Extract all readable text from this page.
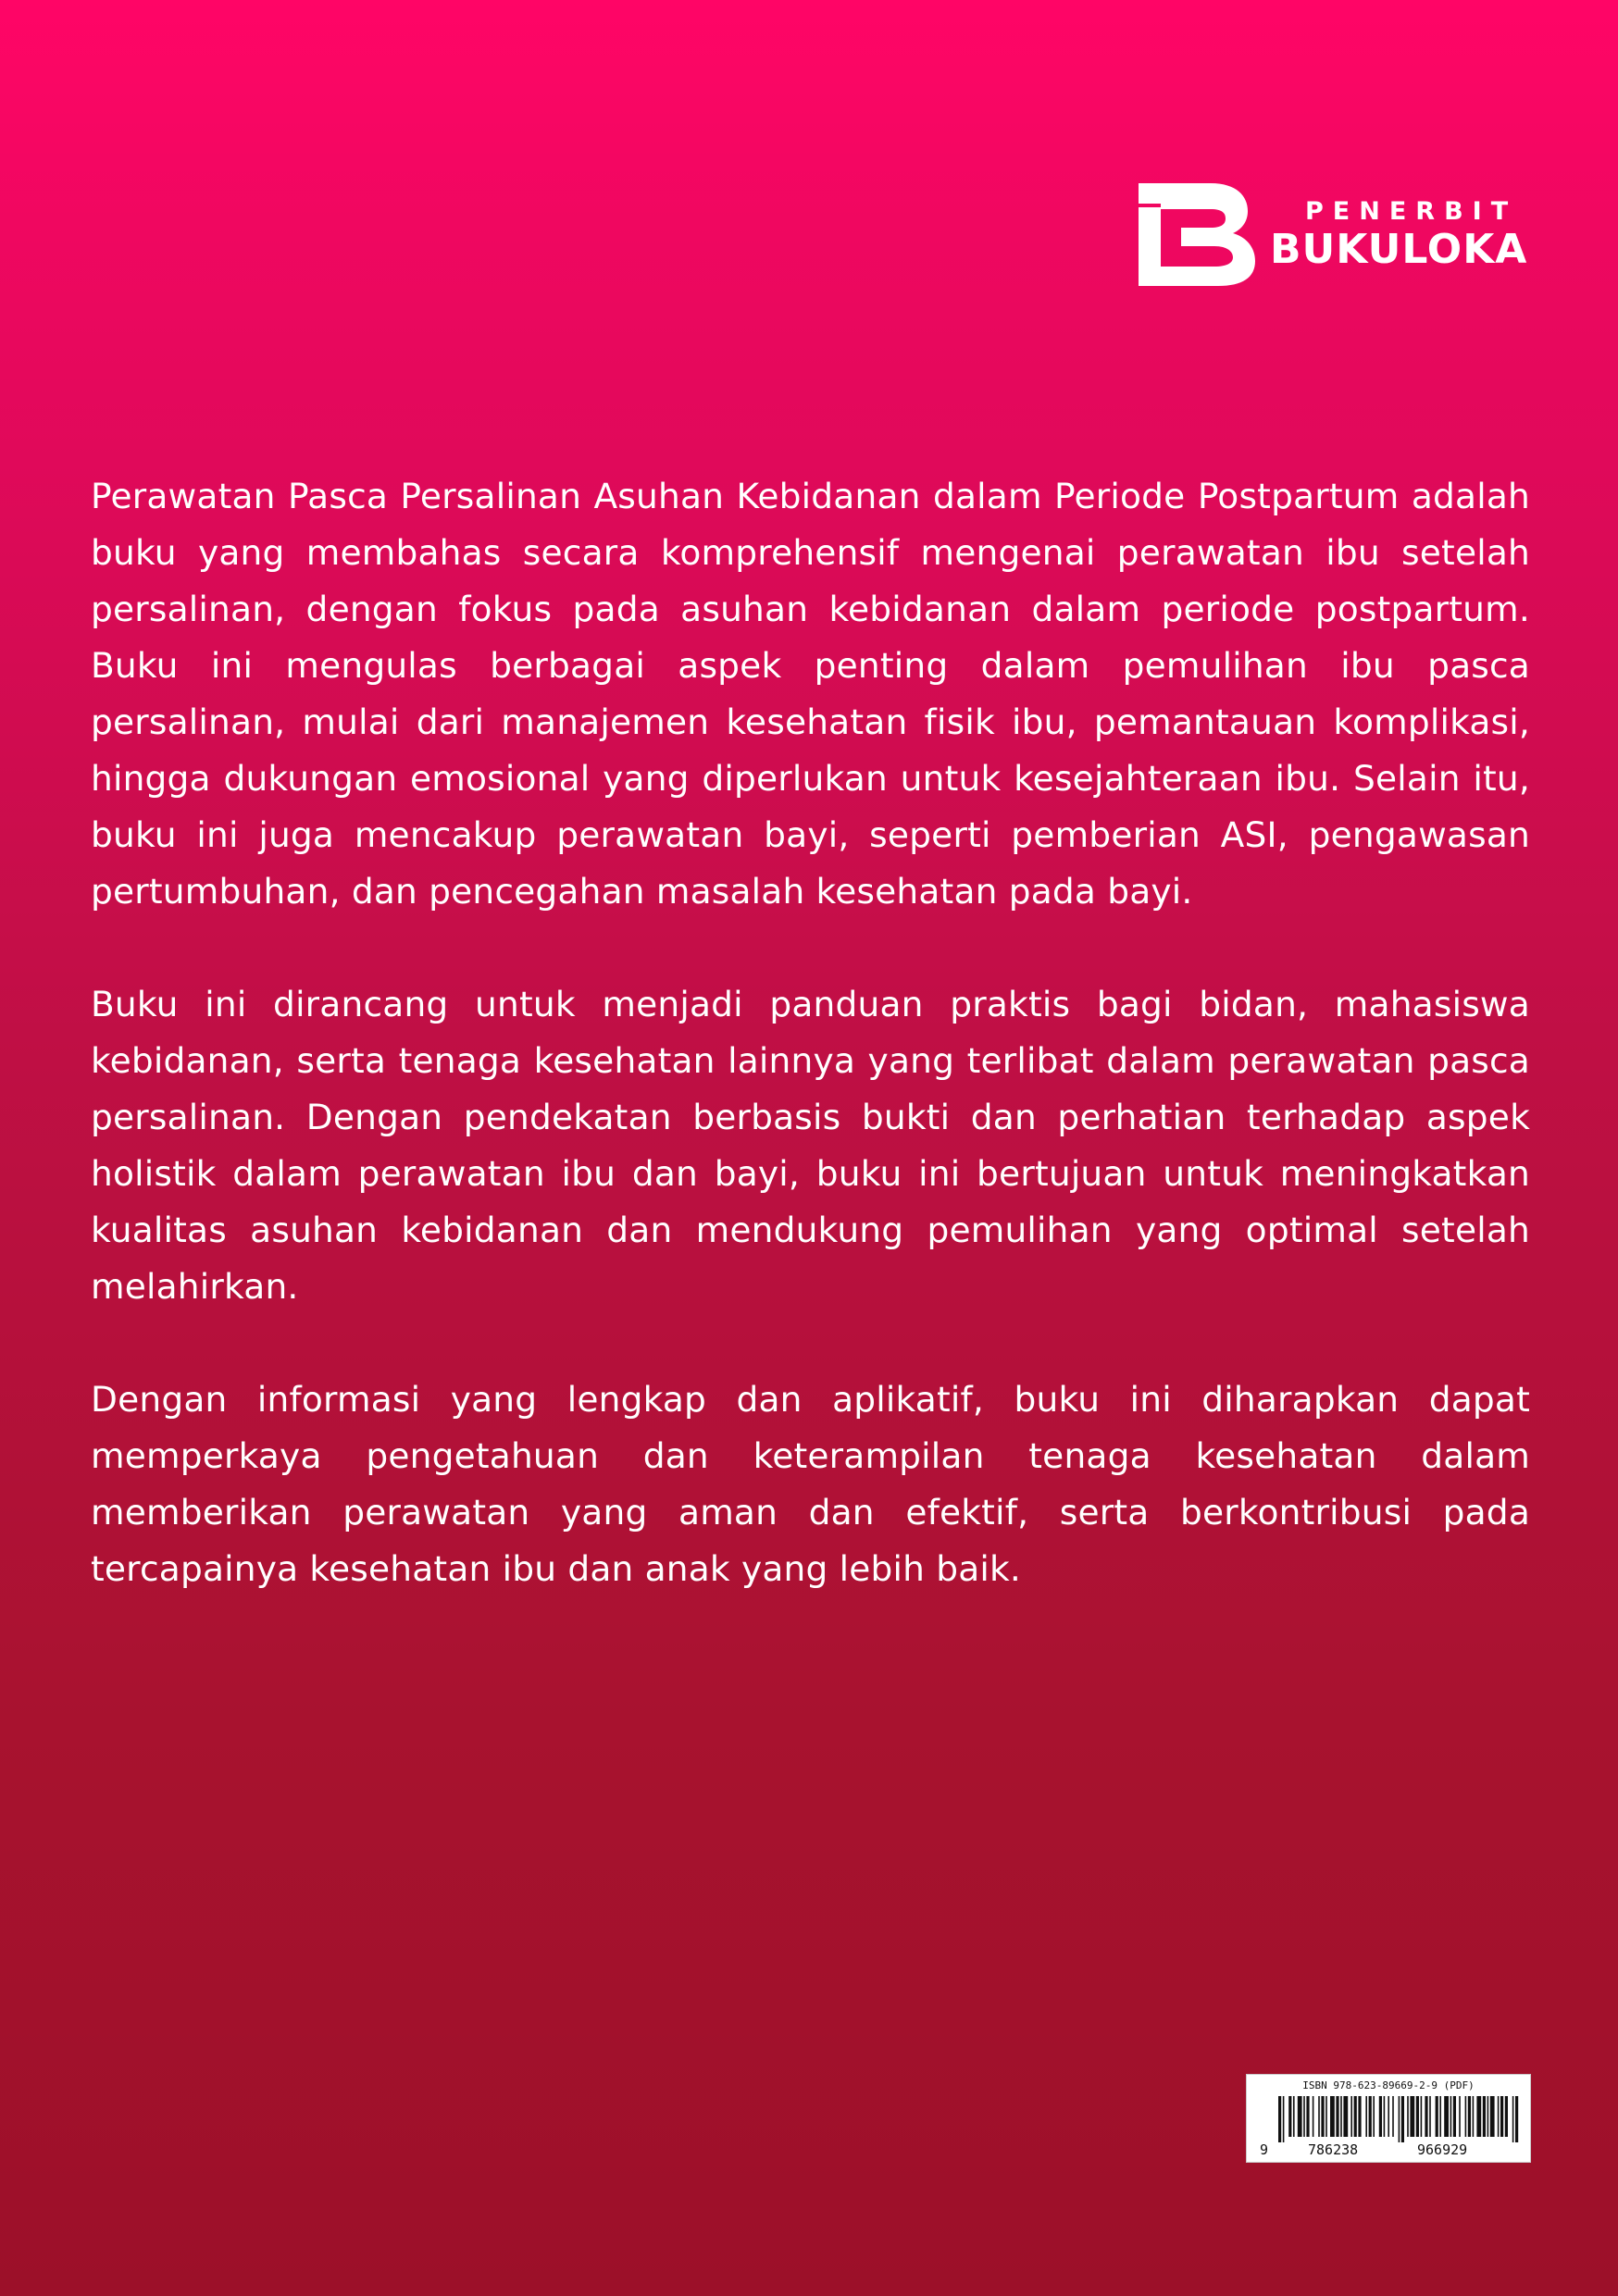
PENERBIT
BUKULOKA

Perawatan Pasca Persalinan Asuhan Kebidanan dalam Periode Postpartum adalah buku yang membahas secara komprehensif mengenai perawatan ibu setelah persalinan, dengan fokus pada asuhan kebidanan dalam periode postpartum. Buku ini mengulas berbagai aspek penting dalam pemulihan ibu pasca persalinan, mulai dari manajemen kesehatan fisik ibu, pemantauan komplikasi, hingga dukungan emosional yang diperlukan untuk kesejahteraan ibu. Selain itu, buku ini juga mencakup perawatan bayi, seperti pemberian ASI, pengawasan pertumbuhan, dan pencegahan masalah kesehatan pada bayi.

Buku ini dirancang untuk menjadi panduan praktis bagi bidan, mahasiswa kebidanan, serta tenaga kesehatan lainnya yang terlibat dalam perawatan pasca persalinan. Dengan pendekatan berbasis bukti dan perhatian terhadap aspek holistik dalam perawatan ibu dan bayi, buku ini bertujuan untuk meningkatkan kualitas asuhan kebidanan dan mendukung pemulihan yang optimal setelah melahirkan.

Dengan informasi yang lengkap dan aplikatif, buku ini diharapkan dapat memperkaya pengetahuan dan keterampilan tenaga kesehatan dalam memberikan perawatan yang aman dan efektif, serta berkontribusi pada tercapainya kesehatan ibu dan anak yang lebih baik.

ISBN 978-623-89669-2-9 (PDF)
9	786238	966929
